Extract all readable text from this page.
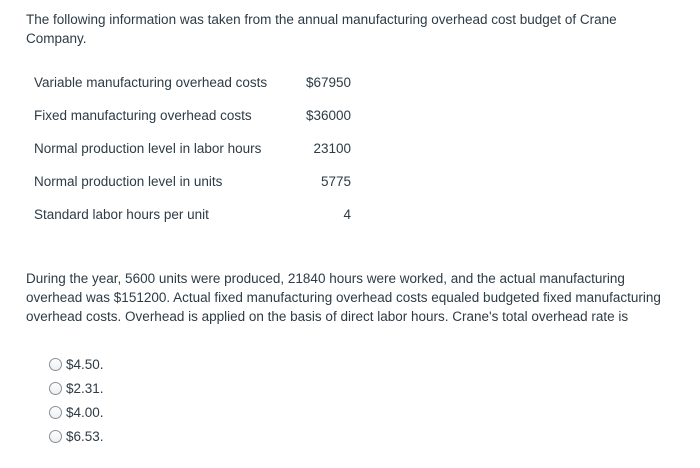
The following information was taken from the annual manufacturing overhead cost budget of Crane Company.
Variable manufacturing overhead costs	$67950
Fixed manufacturing overhead costs	$36000
Normal production level in labor hours	23100
Normal production level in units	5775
Standard labor hours per unit	4
During the year, 5600 units were produced, 21840 hours were worked, and the actual manufacturing overhead was $151200. Actual fixed manufacturing overhead costs equaled budgeted fixed manufacturing overhead costs. Overhead is applied on the basis of direct labor hours. Crane's total overhead rate is
$4.50.
$2.31.
$4.00.
$6.53.
